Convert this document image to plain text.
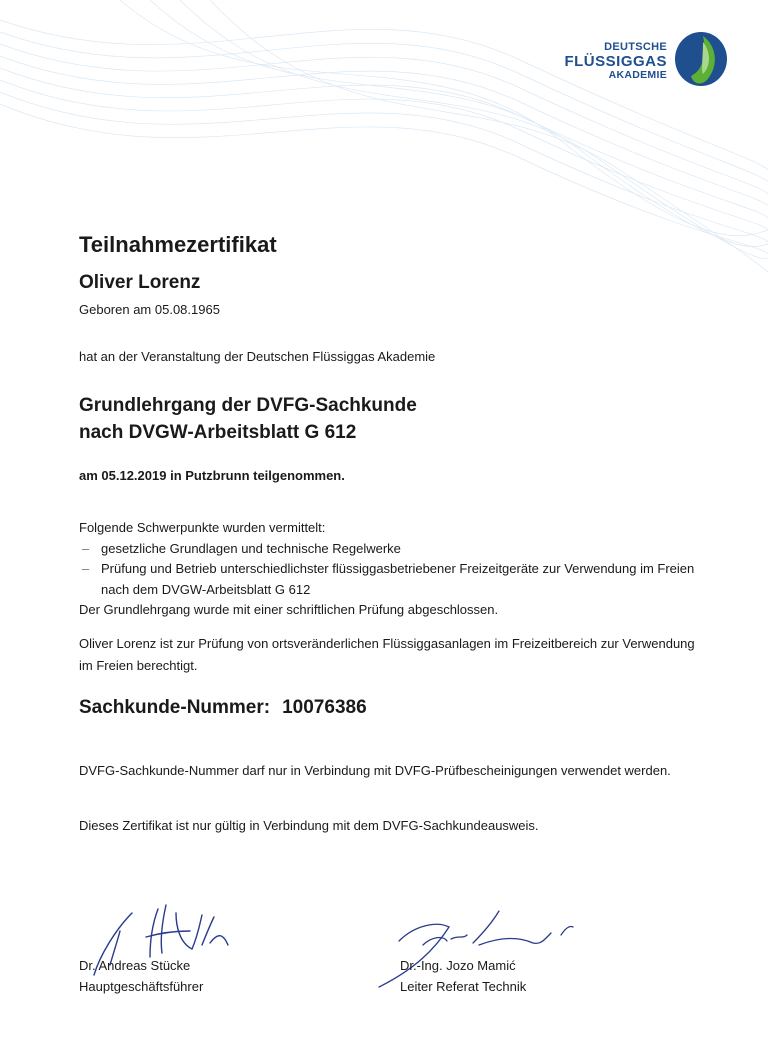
DEUTSCHE
FLÜSSIGGAS
AKADEMIE
Teilnahmezertifikat
Oliver Lorenz
Geboren am 05.08.1965
hat an der Veranstaltung der Deutschen Flüssiggas Akademie
Grundlehrgang der DVFG-Sachkunde
nach DVGW-Arbeitsblatt G 612
am 05.12.2019 in Putzbrunn teilgenommen.
Folgende Schwerpunkte wurden vermittelt:
– gesetzliche Grundlagen und technische Regelwerke
– Prüfung und Betrieb unterschiedlichster flüssiggasbetriebener Freizeitgeräte zur Verwendung im Freien nach dem DVGW-Arbeitsblatt G 612
Der Grundlehrgang wurde mit einer schriftlichen Prüfung abgeschlossen.
Oliver Lorenz ist zur Prüfung von ortsveränderlichen Flüssiggasanlagen im Freizeitbereich zur Verwendung im Freien berechtigt.
Sachkunde-Nummer: 10076386
DVFG-Sachkunde-Nummer darf nur in Verbindung mit DVFG-Prüfbescheinigungen verwendet werden.
Dieses Zertifikat ist nur gültig in Verbindung mit dem DVFG-Sachkundeausweis.
Dr. Andreas Stücke
Hauptgeschäftsführer
Dr.-Ing. Jozo Mamić
Leiter Referat Technik
